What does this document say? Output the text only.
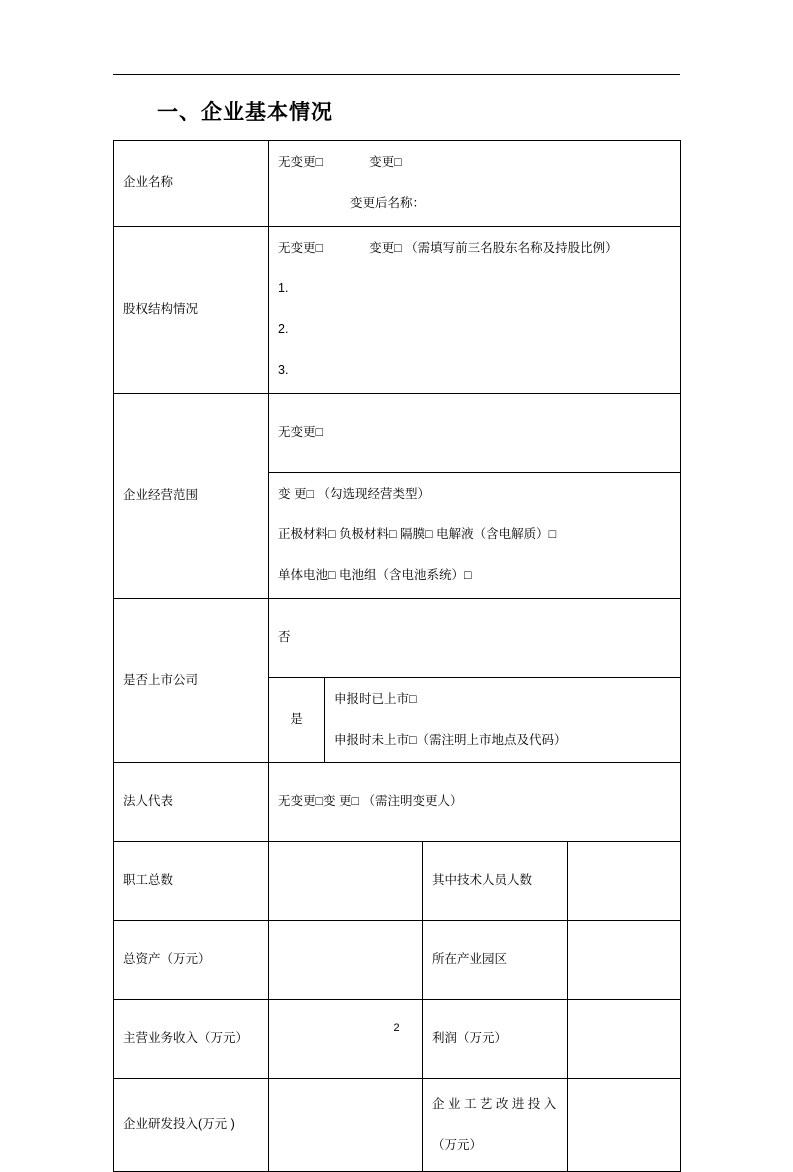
一、企业基本情况
企业名称	无变更□ 变更□
变更后名称：			

股权结构情况	无变更□ 变更□ （需填写前三名股东名称及持股比例）
1.
2.
3.			

企业经营范围	无变更□			

	变 更□ （勾选现经营类型）
正极材料□ 负极材料□ 隔膜□ 电解液（含电解质）□
单体电池□ 电池组（含电池系统）□			

是否上市公司	否			

	是	申报时已上市□
申报时未上市□（需注明上市地点及代码）		

法人代表	无变更□变 更□ （需注明变更人）			
职工总数			其中技术人员人数	
总资产（万元）			所在产业园区	
主营业务收入（万元）			利润（万元）	
企业研发投入(万元 )			企 业 工 艺 改 进 投 入
（万元）	

2
